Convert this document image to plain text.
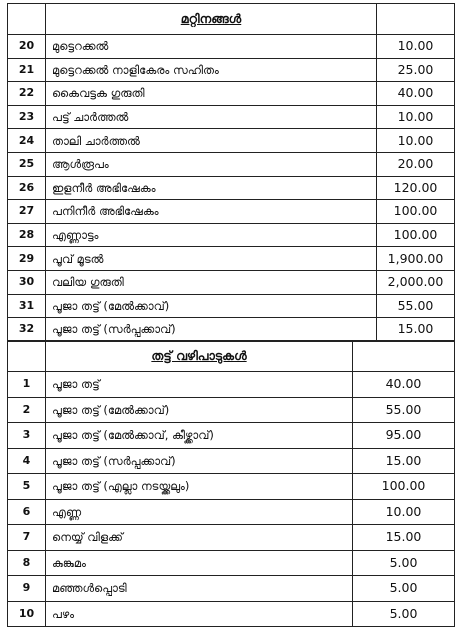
	മറ്റിനങ്ങൾ	
20	മുട്ടെറക്കൽ	10.00
21	മുട്ടെറക്കൽ നാളികേരം സഹിതം	25.00
22	കൈവട്ടക ഗുരുതി	40.00
23	പട്ട് ചാർത്തൽ	10.00
24	താലി ചാർത്തൽ	10.00
25	ആൾരൂപം	20.00
26	ഇളനീർ അഭിഷേകം	120.00
27	പനിനീർ അഭിഷേകം	100.00
28	എണ്ണാട്ടം	100.00
29	പൂവ് മൂടൽ	1,900.00
30	വലിയ ഗുരുതി	2,000.00
31	പൂജാ തട്ട് (മേൽക്കാവ്)	55.00
32	പൂജാ തട്ട് (സർപ്പക്കാവ്)	15.00
	തട്ട് വഴിപാടുകൾ	
1	പൂജാ തട്ട്	40.00
2	പൂജാ തട്ട് (മേൽക്കാവ്)	55.00
3	പൂജാ തട്ട് (മേൽക്കാവ്, കീഴ്ക്കാവ്)	95.00
4	പൂജാ തട്ട് (സർപ്പക്കാവ്)	15.00
5	പൂജാ തട്ട് (എല്ലാ നടയ്ക്കലും)	100.00
6	എണ്ണ	10.00
7	നെയ്യ് വിളക്ക്	15.00
8	കുങ്കുമം	5.00
9	മഞ്ഞൾപ്പൊടി	5.00
10	പഴം	5.00
